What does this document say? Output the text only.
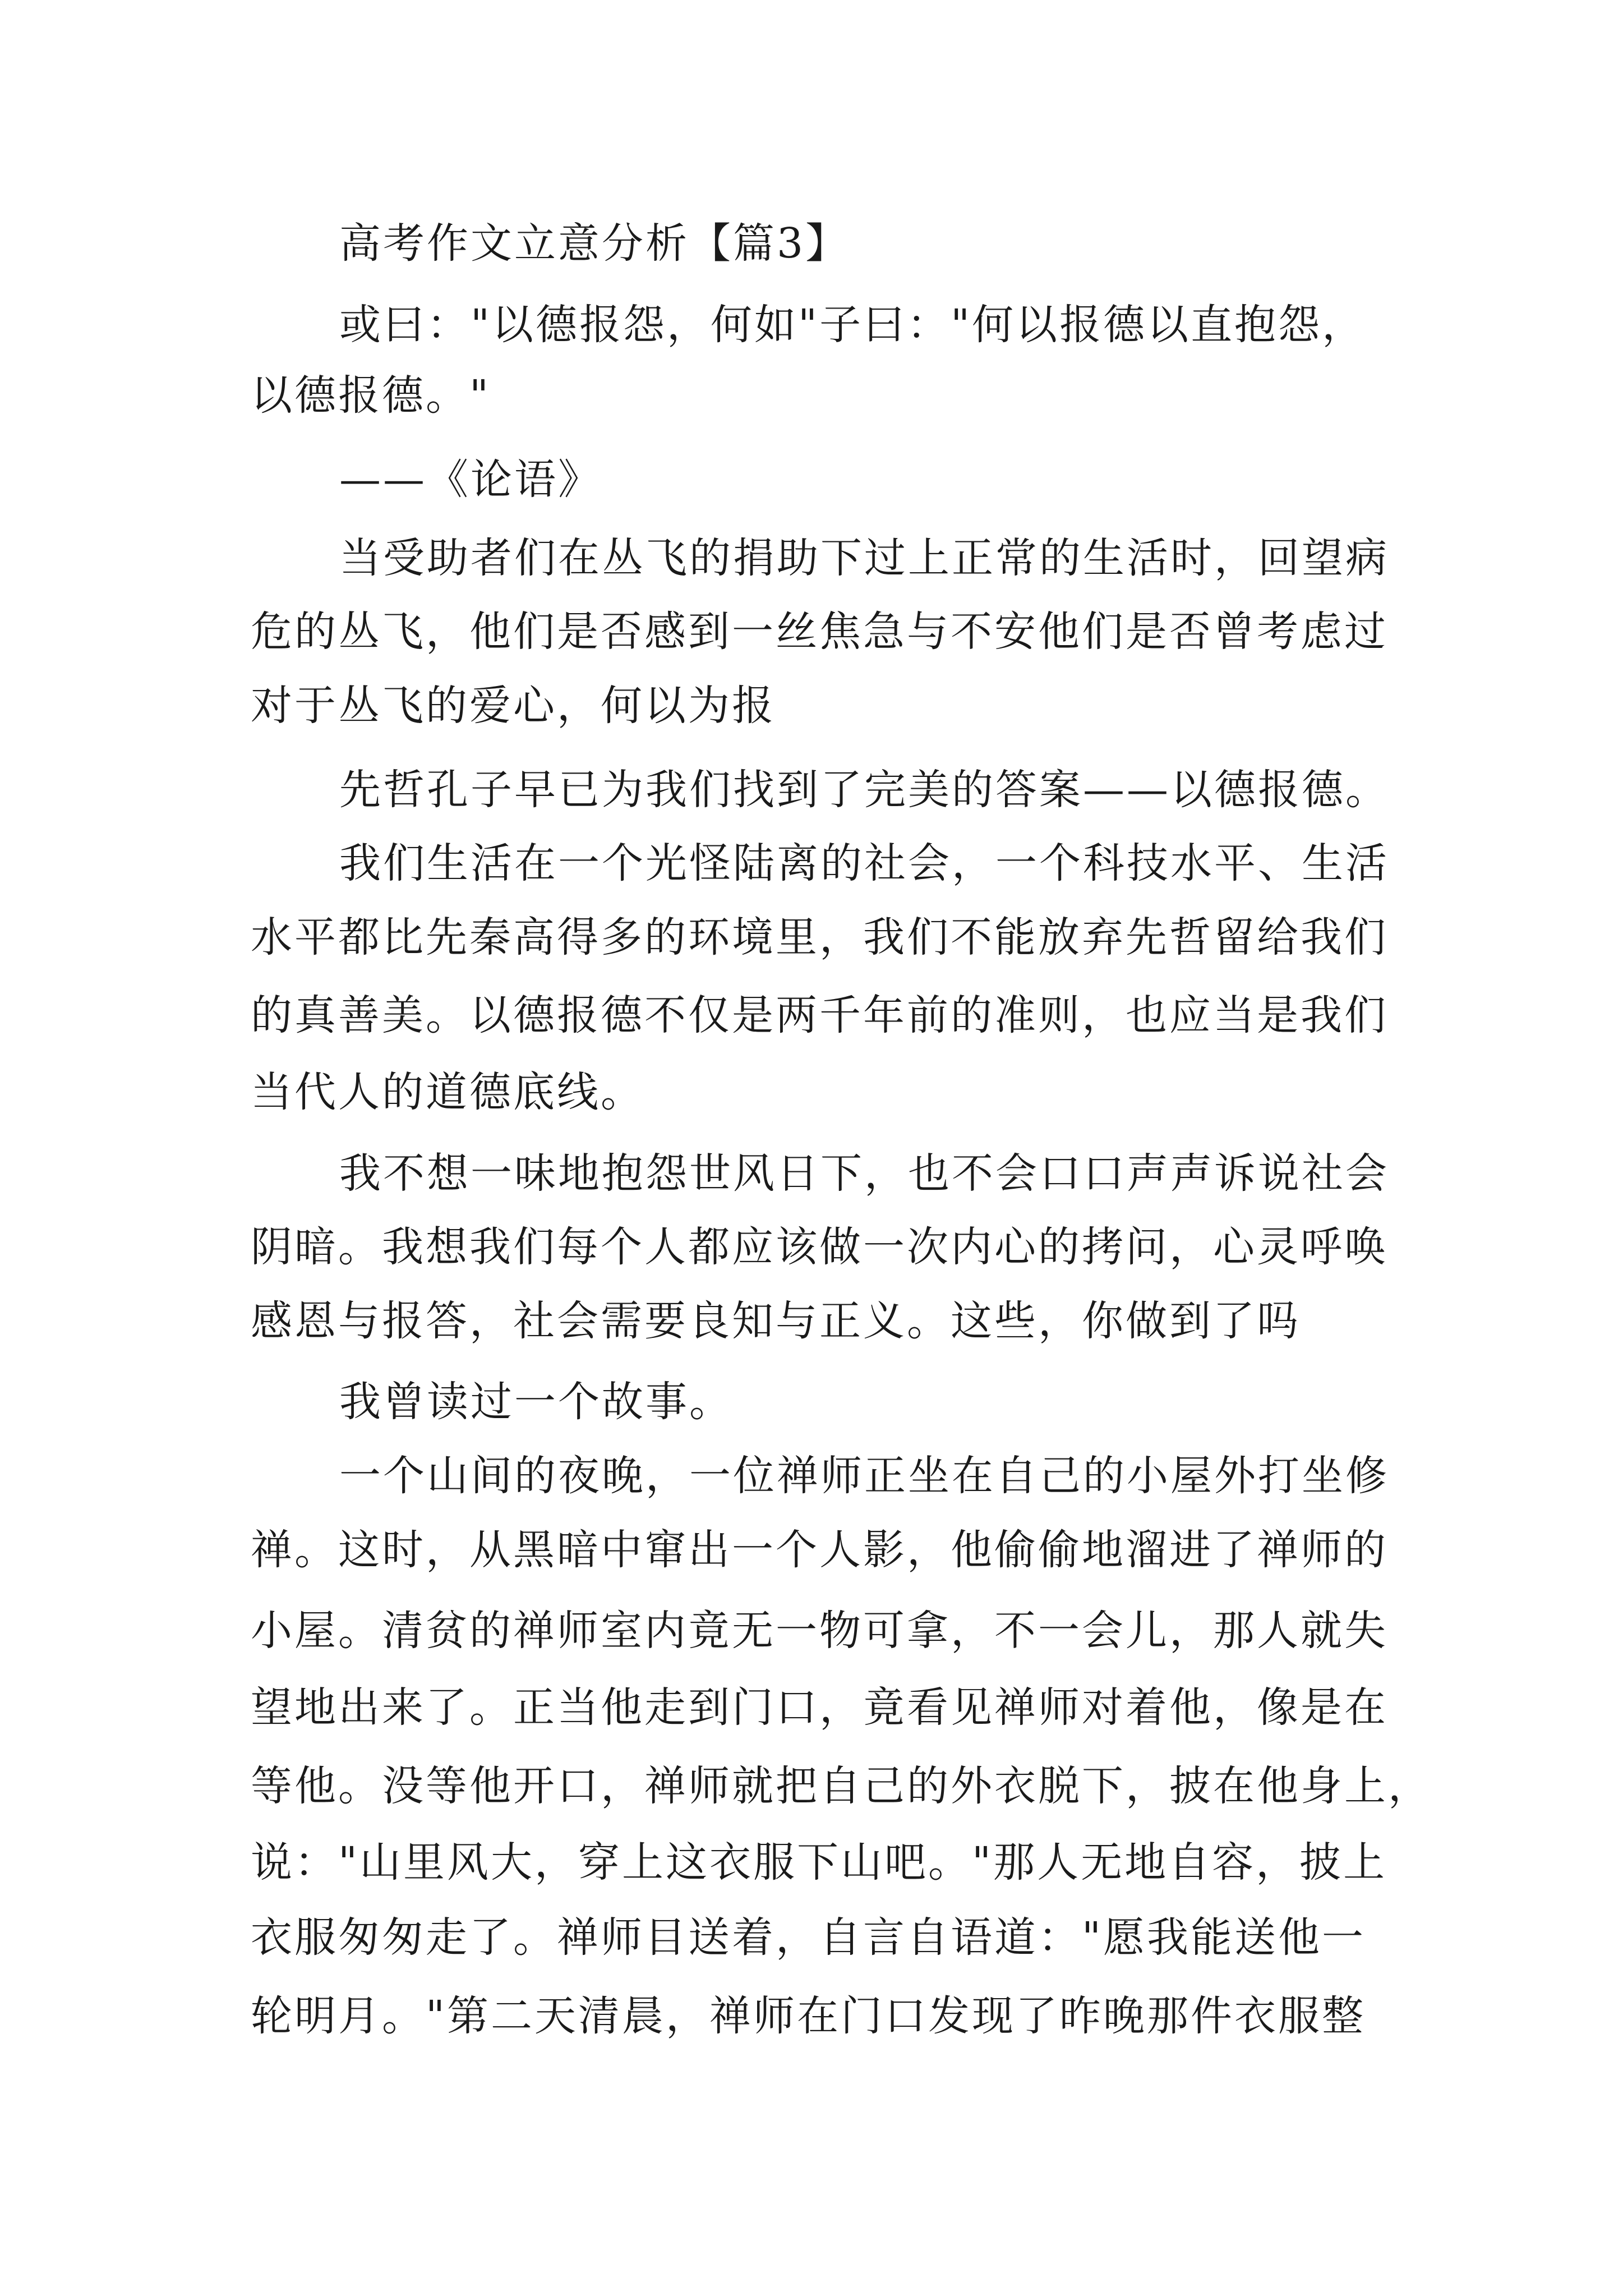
高考作文立意分析【篇3】
或曰："以德报怨，何如"子曰："何以报德以直抱怨，
以德报德。"
——《论语》
当受助者们在丛飞的捐助下过上正常的生活时，回望病
危的丛飞，他们是否感到一丝焦急与不安他们是否曾考虑过
对于丛飞的爱心，何以为报
先哲孔子早已为我们找到了完美的答案——以德报德。
我们生活在一个光怪陆离的社会，一个科技水平、生活
水平都比先秦高得多的环境里，我们不能放弃先哲留给我们
的真善美。以德报德不仅是两千年前的准则，也应当是我们
当代人的道德底线。
我不想一味地抱怨世风日下，也不会口口声声诉说社会
阴暗。我想我们每个人都应该做一次内心的拷问，心灵呼唤
感恩与报答，社会需要良知与正义。这些，你做到了吗
我曾读过一个故事。
一个山间的夜晚，一位禅师正坐在自己的小屋外打坐修
禅。这时，从黑暗中窜出一个人影，他偷偷地溜进了禅师的
小屋。清贫的禅师室内竟无一物可拿，不一会儿，那人就失
望地出来了。正当他走到门口，竟看见禅师对着他，像是在
等他。没等他开口，禅师就把自己的外衣脱下，披在他身上，
说："山里风大，穿上这衣服下山吧。"那人无地自容，披上
衣服匆匆走了。禅师目送着，自言自语道："愿我能送他一
轮明月。"第二天清晨，禅师在门口发现了昨晚那件衣服整
